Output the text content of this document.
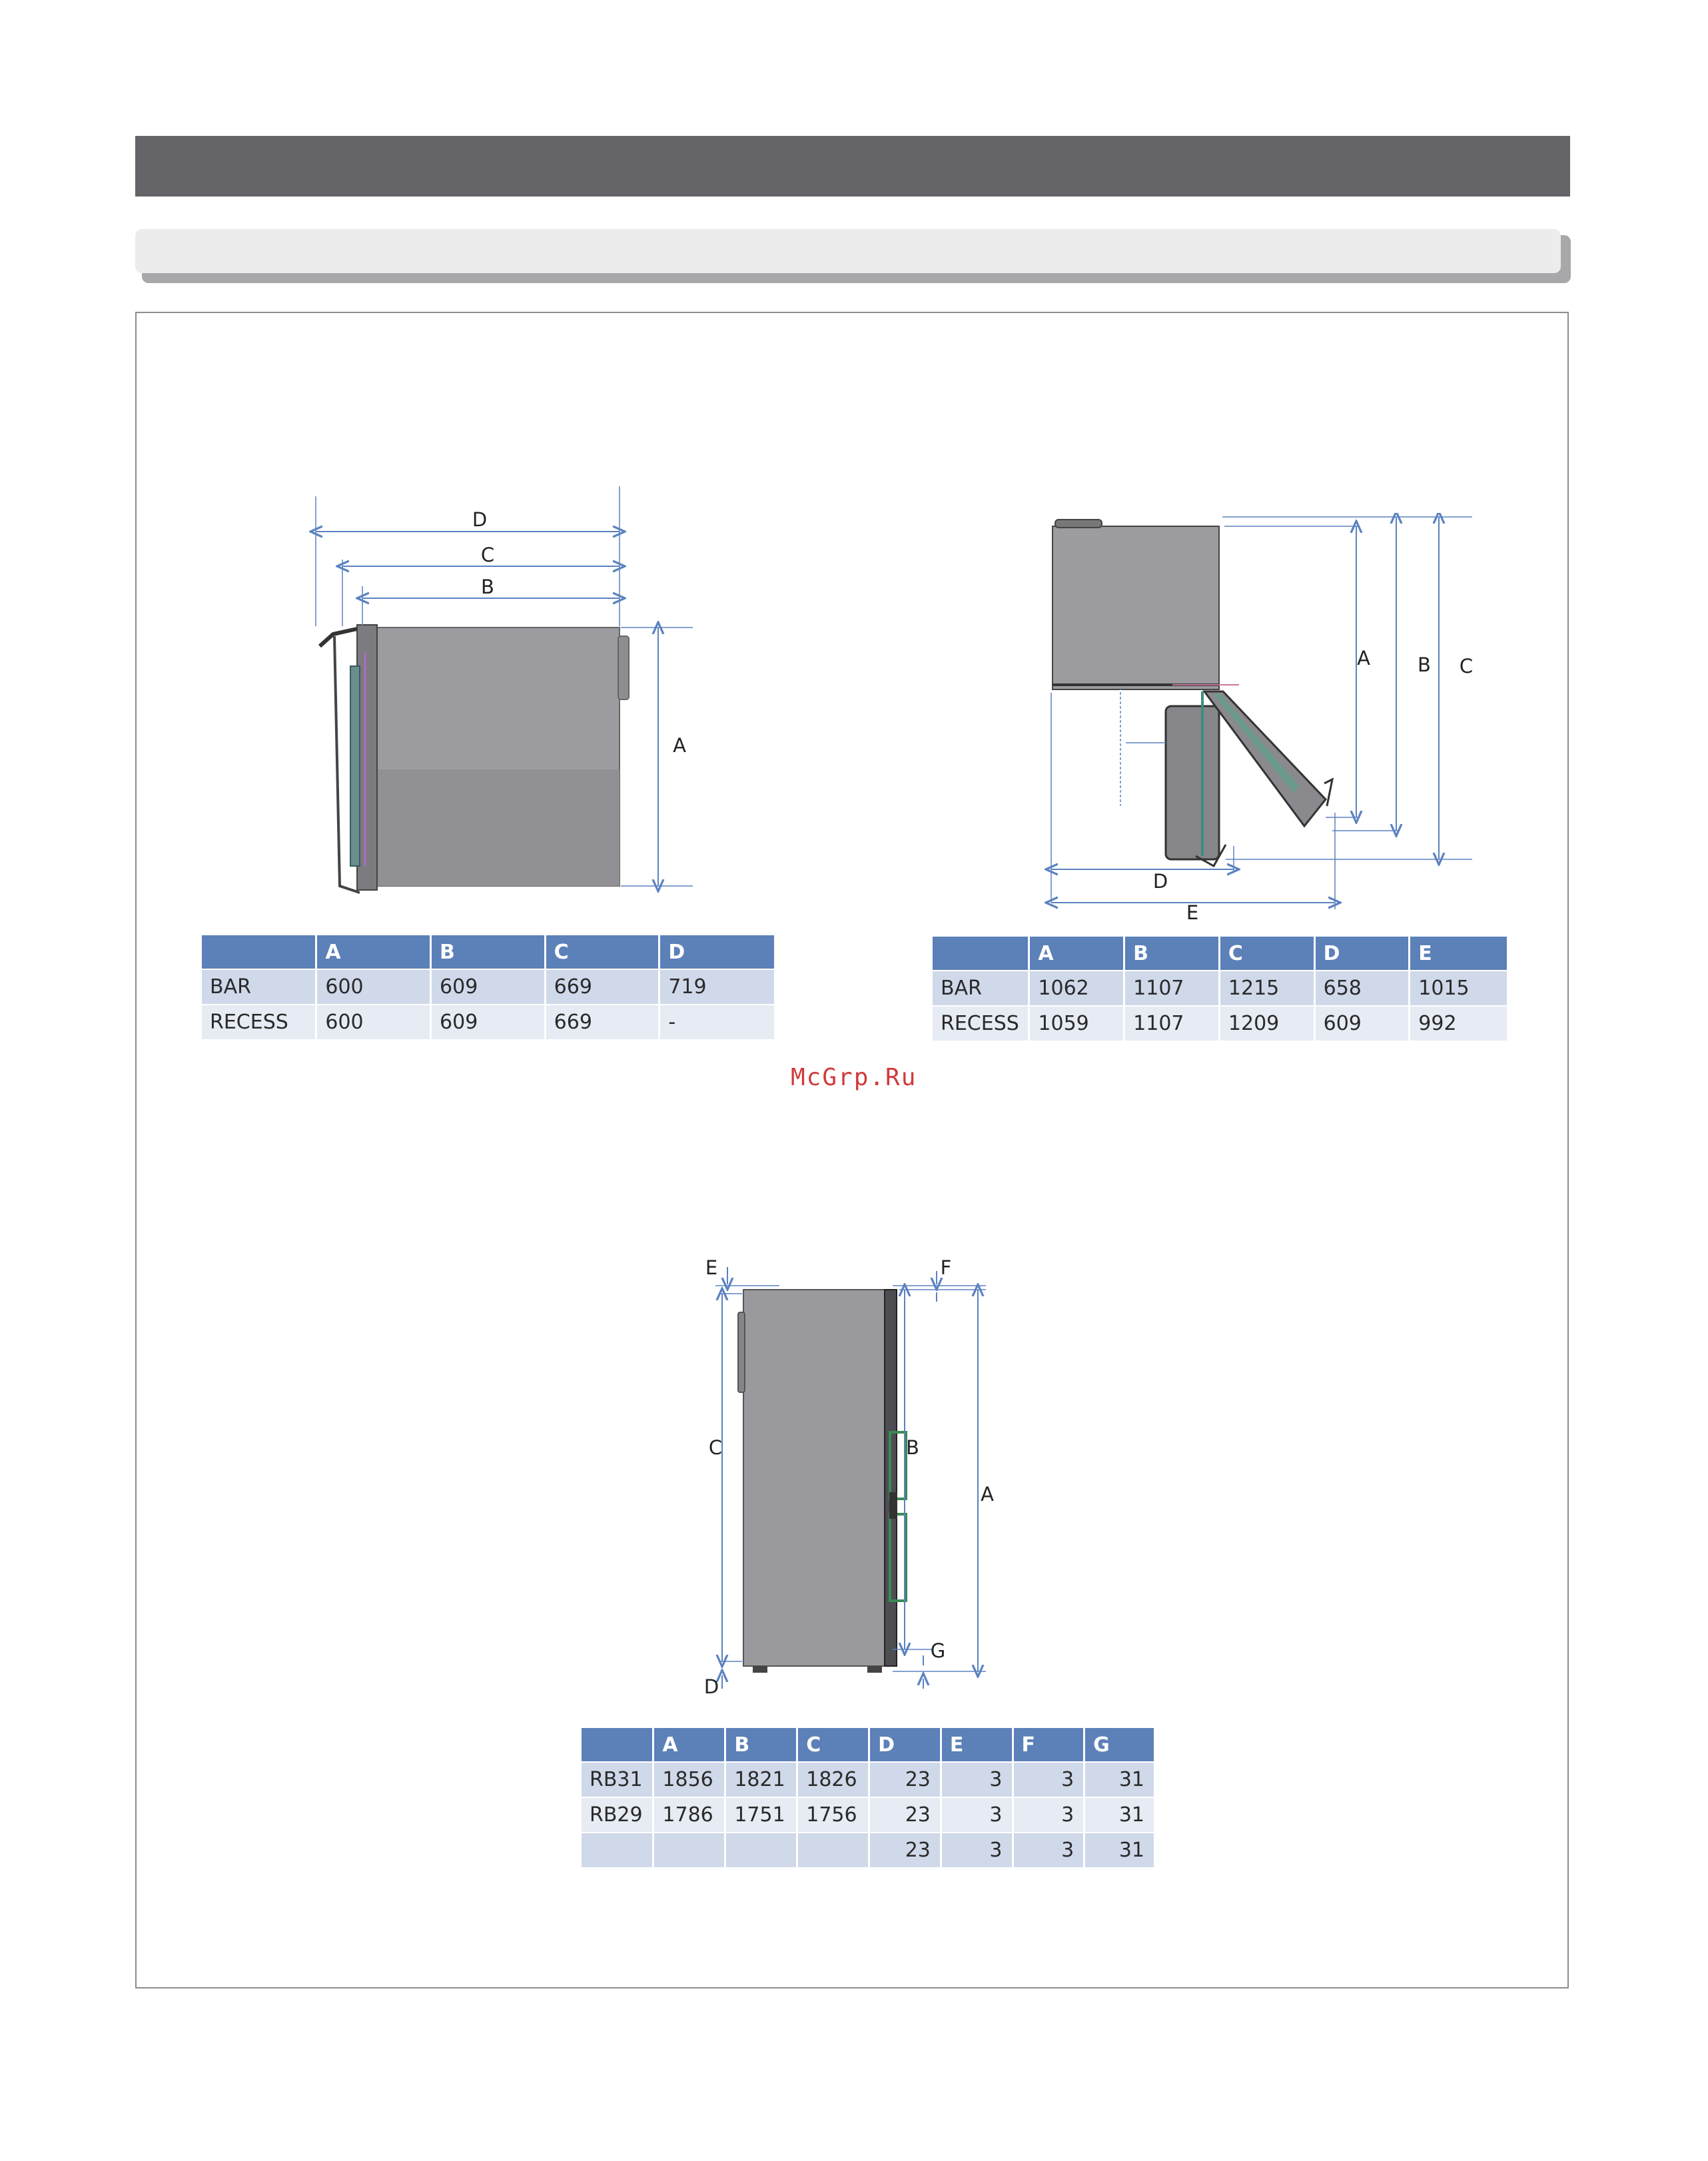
D
C
B
A
	A	B	C	D
BAR	600	609	669	719
RECESS	600	609	669	-
A B C
D
E
	A	B	C	D	E
BAR	1062	1107	1215	658	1015
RECESS	1059	1107	1209	609	992
McGrp.Ru
E	F
C	B
A
G
D
	A	B	C	D	E	F	G
RB31	1856	1821	1826	23	3	3	31
RB29	1786	1751	1756	23	3	3	31
				23	3	3	31
